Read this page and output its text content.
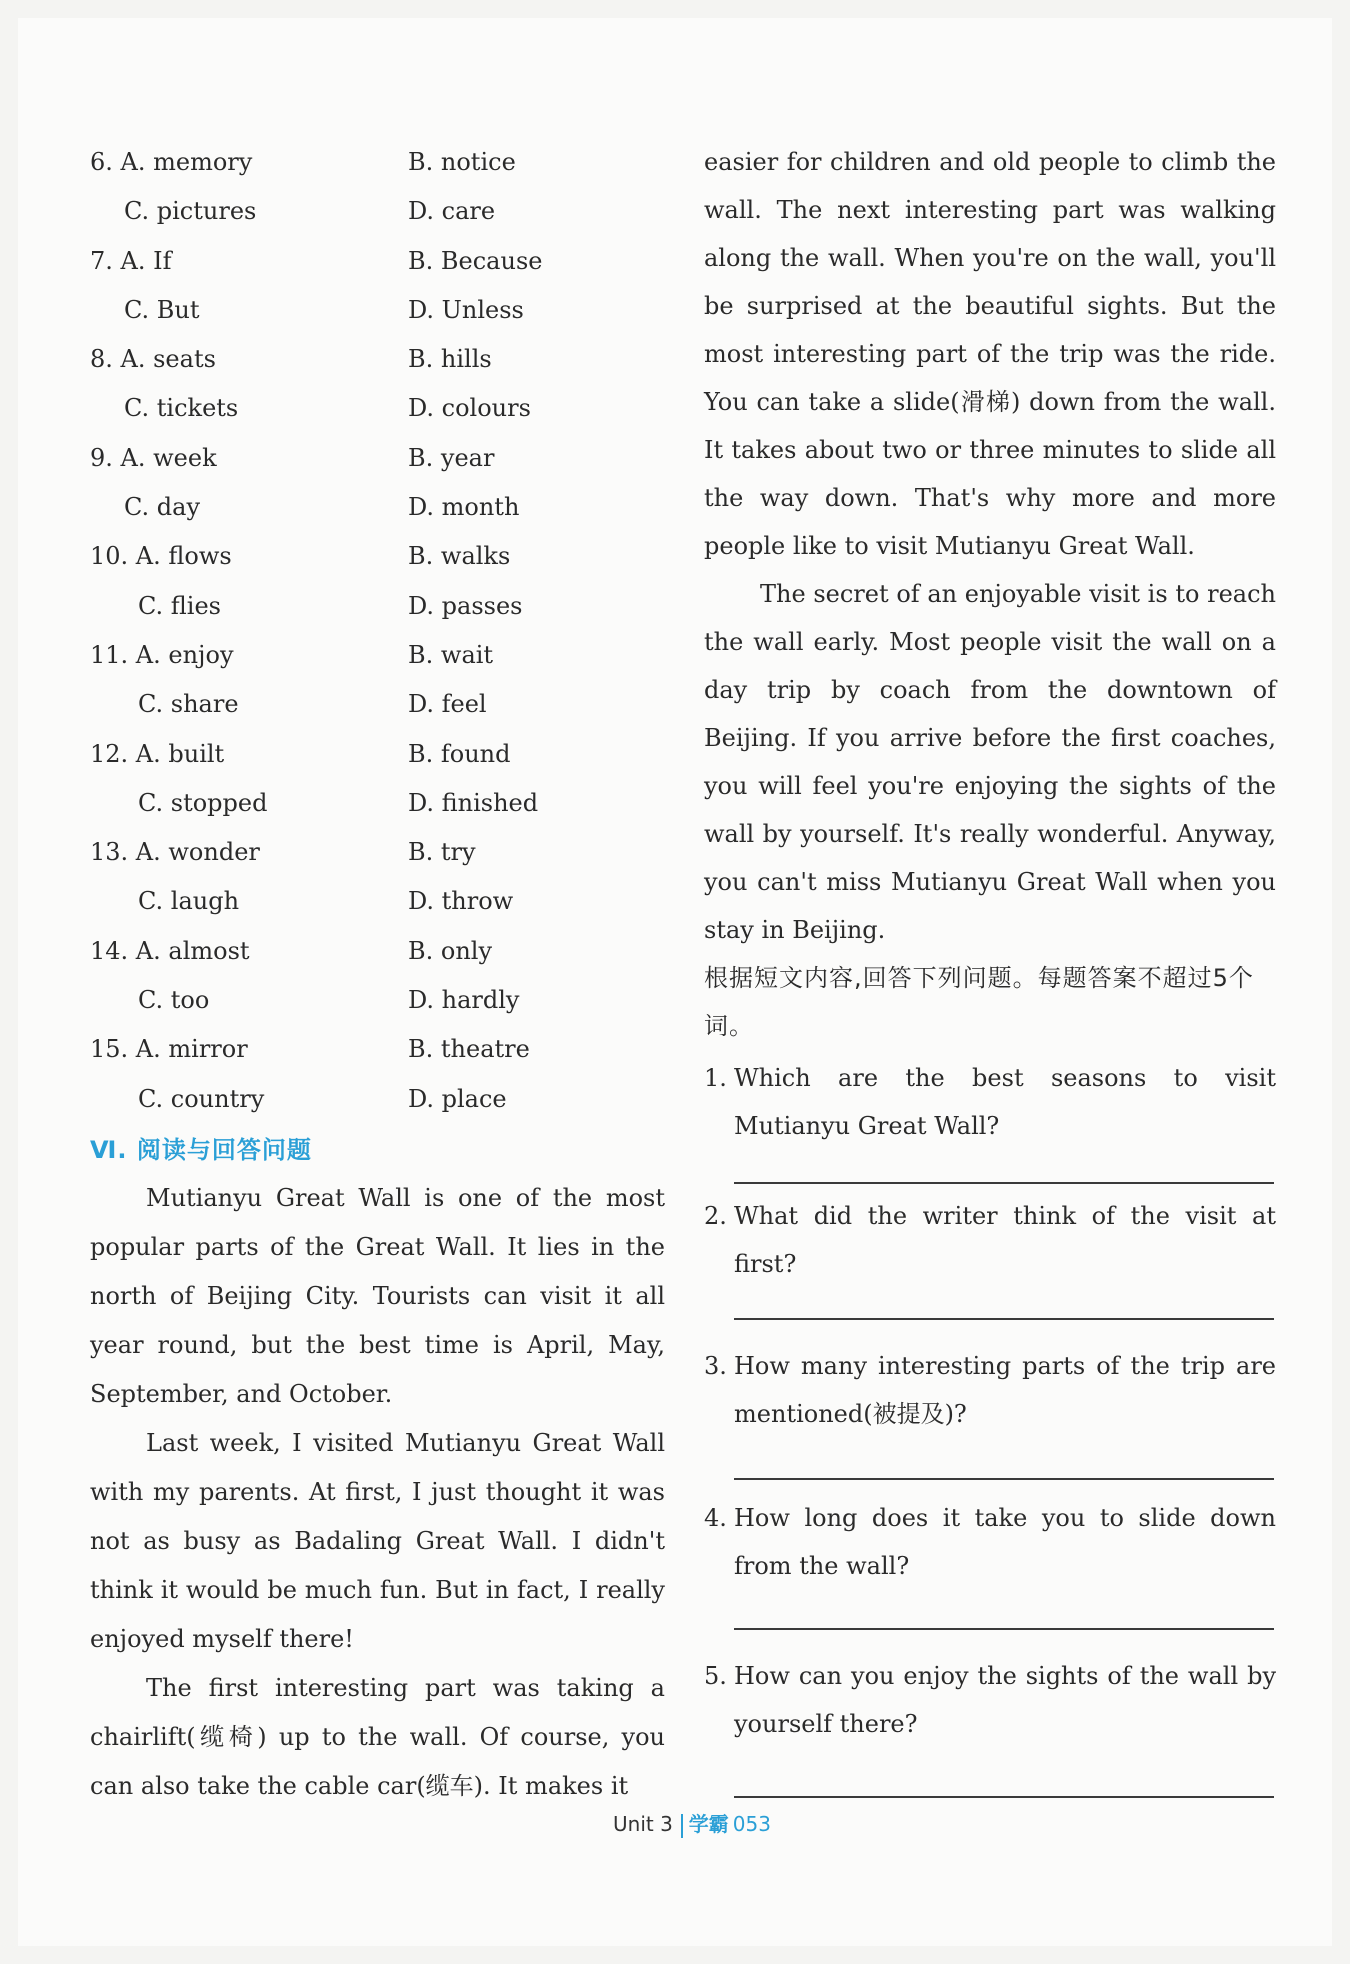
6. A. memory	B. notice
C. pictures	D. care
7. A. If	B. Because
C. But	D. Unless
8. A. seats	B. hills
C. tickets	D. colours
9. A. week	B. year
C. day	D. month
10. A. flows	B. walks
C. flies	D. passes
11. A. enjoy	B. wait
C. share	D. feel
12. A. built	B. found
C. stopped	D. finished
13. A. wonder	B. try
C. laugh	D. throw
14. A. almost	B. only
C. too	D. hardly
15. A. mirror	B. theatre
C. country	D. place
Ⅵ. 阅读与回答问题

Mutianyu Great Wall is one of the most popular parts of the Great Wall. It lies in the north of Beijing City. Tourists can visit it all year round, but the best time is April, May, September, and October.

Last week, I visited Mutianyu Great Wall with my parents. At first, I just thought it was not as busy as Badaling Great Wall. I didn't think it would be much fun. But in fact, I really enjoyed myself there!

The first interesting part was taking a chairlift(缆椅) up to the wall. Of course, you can also take the cable car(缆车). It makes it

easier for children and old people to climb the wall. The next interesting part was walking along the wall. When you're on the wall, you'll be surprised at the beautiful sights. But the most interesting part of the trip was the ride. You can take a slide(滑梯) down from the wall. It takes about two or three minutes to slide all the way down. That's why more and more people like to visit Mutianyu Great Wall.

The secret of an enjoyable visit is to reach the wall early. Most people visit the wall on a day trip by coach from the downtown of Beijing. If you arrive before the first coaches, you will feel you're enjoying the sights of the wall by yourself. It's really wonderful. Anyway, you can't miss Mutianyu Great Wall when you stay in Beijing.

根据短文内容,回答下列问题。每题答案不超过5个词。

1. Which are the best seasons to visit Mutianyu Great Wall?
2. What did the writer think of the visit at first?
3. How many interesting parts of the trip are mentioned(被提及)?
4. How long does it take you to slide down from the wall?
5. How can you enjoy the sights of the wall by yourself there?
Unit 3 学霸 053
